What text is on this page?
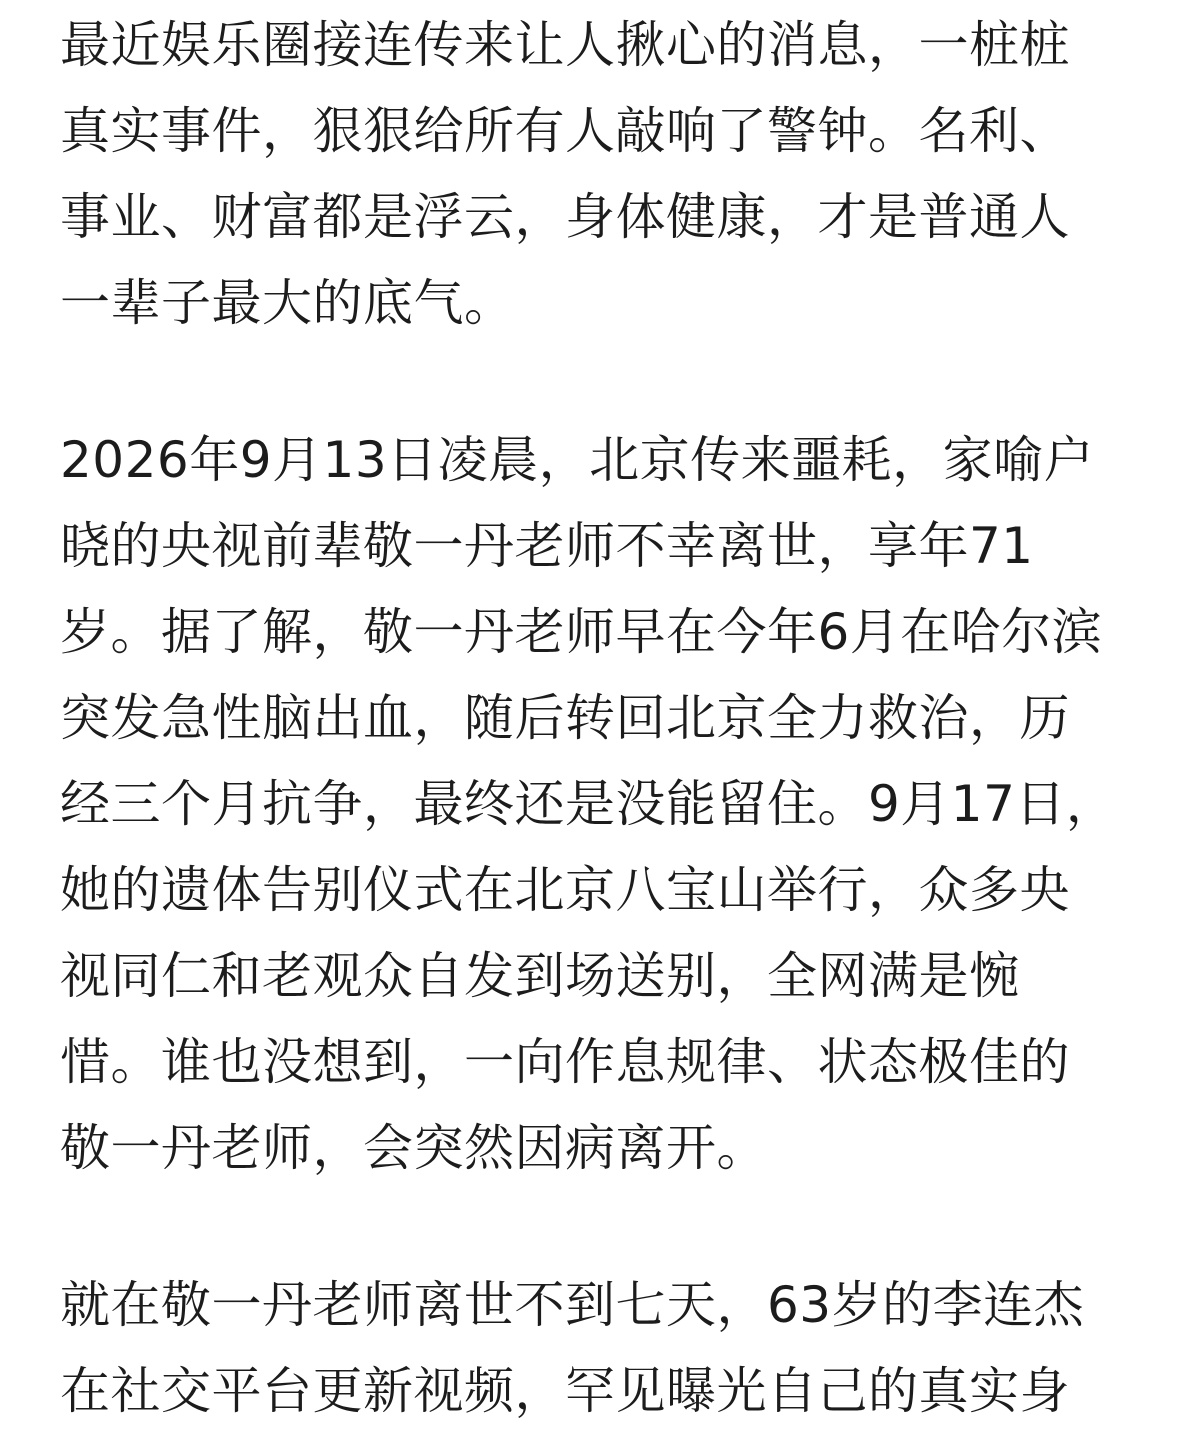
最近娱乐圈接连传来让人揪心的消息，一桩桩
真实事件，狠狠给所有人敲响了警钟。名利、
事业、财富都是浮云，身体健康，才是普通人
一辈子最大的底气。

2026年9月13日凌晨，北京传来噩耗，家喻户
晓的央视前辈敬一丹老师不幸离世，享年71
岁。据了解，敬一丹老师早在今年6月在哈尔滨
突发急性脑出血，随后转回北京全力救治，历
经三个月抗争，最终还是没能留住。9月17日，
她的遗体告别仪式在北京八宝山举行，众多央
视同仁和老观众自发到场送别，全网满是惋
惜。谁也没想到，一向作息规律、状态极佳的
敬一丹老师，会突然因病离开。

就在敬一丹老师离世不到七天，63岁的李连杰
在社交平台更新视频，罕见曝光自己的真实身
